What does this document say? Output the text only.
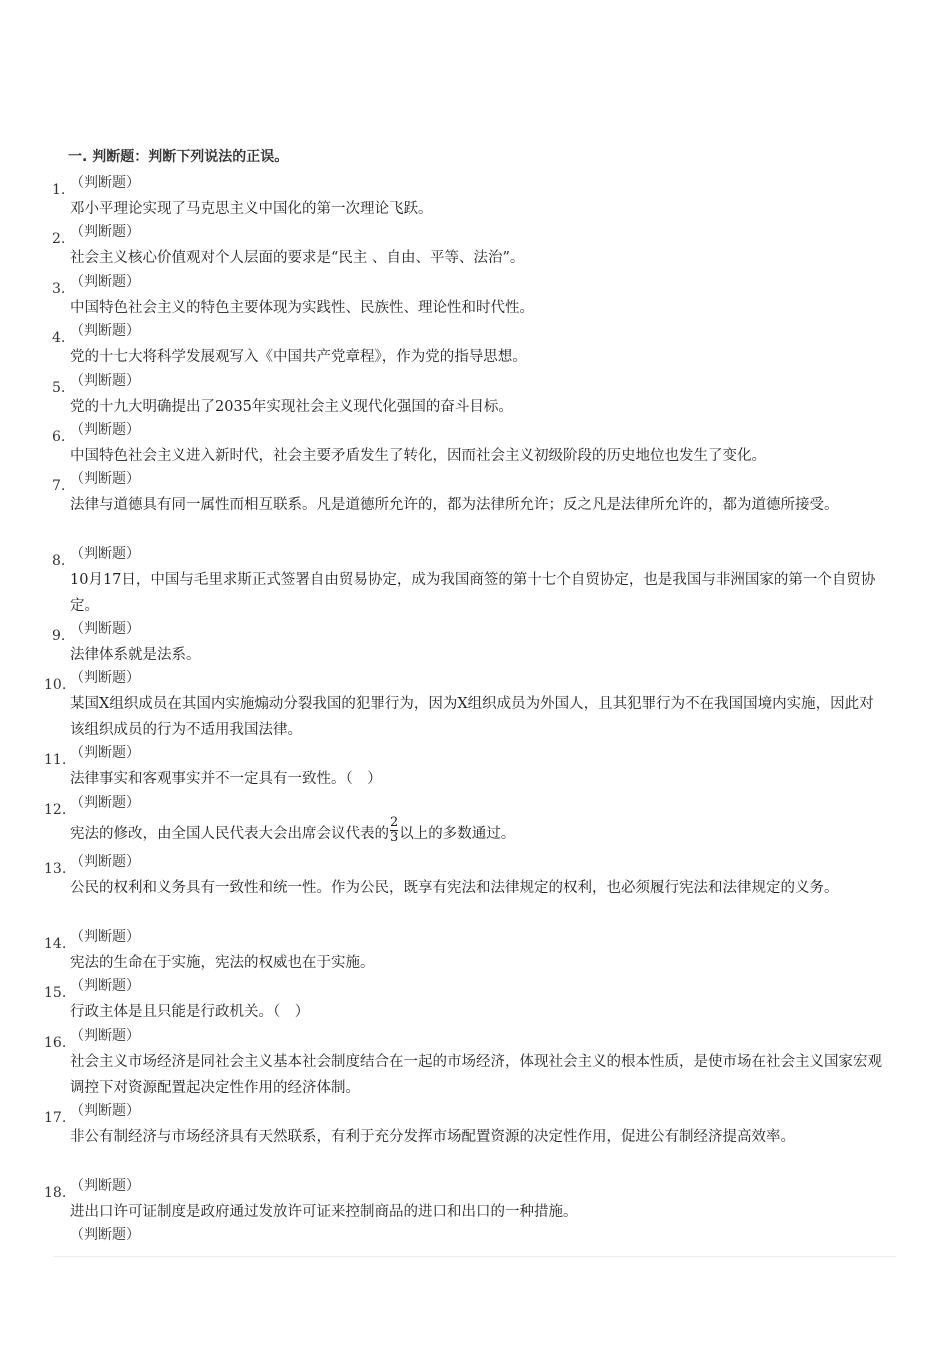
一. 判断题：判断下列说法的正误。
1. （判断题）
邓小平理论实现了马克思主义中国化的第一次理论飞跃。
2. （判断题）
社会主义核心价值观对个人层面的要求是“民主 、自由、平等、法治”。
3. （判断题）
中国特色社会主义的特色主要体现为实践性、民族性、理论性和时代性。
4. （判断题）
党的十七大将科学发展观写入《中国共产党章程》，作为党的指导思想。
5. （判断题）
党的十九大明确提出了2035年实现社会主义现代化强国的奋斗目标。
6. （判断题）
中国特色社会主义进入新时代，社会主要矛盾发生了转化，因而社会主义初级阶段的历史地位也发生了变化。
7. （判断题）
法律与道德具有同一属性而相互联系。凡是道德所允许的，都为法律所允许；反之凡是法律所允许的，都为道德所接受。
8. （判断题）
10月17日，中国与毛里求斯正式签署自由贸易协定，成为我国商签的第十七个自贸协定，也是我国与非洲国家的第一个自贸协定。
9. （判断题）
法律体系就是法系。
10. （判断题）
某国X组织成员在其国内实施煽动分裂我国的犯罪行为，因为X组织成员为外国人，且其犯罪行为不在我国国境内实施，因此对该组织成员的行为不适用我国法律。
11. （判断题）
法律事实和客观事实并不一定具有一致性。（　）
12. （判断题）
宪法的修改，由全国人民代表大会出席会议代表的 $\frac{2}{3}$ 以上的多数通过。
13. （判断题）
公民的权利和义务具有一致性和统一性。作为公民，既享有宪法和法律规定的权利，也必须履行宪法和法律规定的义务。
14. （判断题）
宪法的生命在于实施，宪法的权威也在于实施。
15. （判断题）
行政主体是且只能是行政机关。（　）
16. （判断题）
社会主义市场经济是同社会主义基本社会制度结合在一起的市场经济，体现社会主义的根本性质，是使市场在社会主义国家宏观调控下对资源配置起决定性作用的经济体制。
17. （判断题）
非公有制经济与市场经济具有天然联系，有利于充分发挥市场配置资源的决定性作用，促进公有制经济提高效率。
18. （判断题）
进出口许可证制度是政府通过发放许可证来控制商品的进口和出口的一种措施。
（判断题）
